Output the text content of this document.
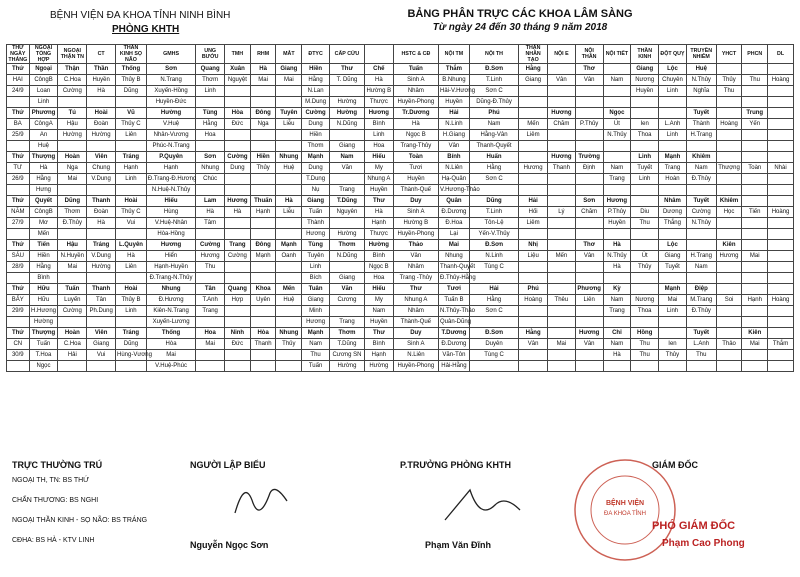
BỆNH VIỆN ĐA KHOA TỈNH NINH BÌNH
PHÒNG KHTH
BẢNG PHÂN TRỰC CÁC KHOA LÂM SÀNG
Từ ngày 24 đến 30 tháng 9 năm 2018
THỨ NGÀY THÁNG	NGOẠI TỔNG HỢP	NGOẠI THẬN TN	CT	THẦN KINH SỌ NÃO	GMHS	UNG BƯỚU	TMH	RHM	MẮT	ĐTYC	CẤP CỨU		HSTC & CĐ	NỘI TM	NỘI TH	THẬN NHÂN TẠO	NỘI E	NỘI THẦN	NỘI TIẾT	THẦN KINH	ĐỘT QUỴ	TRUYỀN NHIỄM	YHCT	PHCN	DL
Thứ	Ngoại	Thận	Thần	Thống	Sơn	Quang	Xuân	Hà	Giang	Hiền	Thư	Chế	Tuấn	Thắm	Đ.Sơn	Hằng		Thơ		Giang	Lộc	Huệ			
HAI	CôngB	C.Hoa	Huyền	Thủy B	N.Trang	Thơm	Nguyệt	Mai	Mai	Hằng	T. Dũng	Hà	Sinh A	B.Nhung	T.Linh	Giang	Vân	Vân	Nam	Nương	Chuyên	N.Thủy	Thủy	Thu	Hoàng
24/9	Loan	Cường	Hà	Dũng	Xuyến-Hồng	Linh				N.Lan		Hường B	Nhâm	Hải-V.Hương	Sơn C					Huyền	Linh	Nghĩa	Thu		
	Linh				Huyền-Đức					M.Dung	Hường	Thược	Huyền-Phong	Huyền	Dũng-Đ.Thủy										
Thứ	Phương	Tú	Hoài	Vũ	Hường	Tùng	Hòa	Đông	Tuyên	Cường	Hường	Hương	Tr.Dương	Hải	Phú		Hương		Ngọc			Tuyết		Trung	
BA	CôngA	Hậu	Đoàn	Thủy C	V.Huệ	Hằng	Đức	Nga	Liễu	Dung	N.Dũng	Bình	Hà	N.Linh	Nam	Mến	Chăm	P.Thủy	Út	Ien	L.Anh	Thành	Hoàng	Yến	
25/9	An	Hường	Hường	Liên	Nhân-Vương	Hoa				Hiền		Linh	Ngọc B	H.Giang	Hằng-Vân	Liêm			N.Thủy	Thoa	Linh	H.Trang			
	Huệ				Phúc-N.Trang					Thơm	Giang	Hoa	Trang-Thủy	Vân	Thanh-Quyết										
Thứ	Thượng	Hoàn	Viên	Tráng	P.Quyên	Sơn	Cường	Hiền	Nhung	Mạnh	Nam	Hiếu	Toàn	Bính	Huấn		Hương	Trường		Linh	Mạnh	Khiêm			
TƯ	Hà	Nga	Chung	Hạnh	Hạnh	Nhung	Dung	Thủy	Huệ	Dung	Văn	My	Tươi	N.Liên	Hằng	Hương	Thanh	Định	Nam	Tuyết	Trang	Nam	Thượng	Toàn	Nhài
26/9	Hằng	Mai	V.Dung	Linh	Đ.Trang-Đ.Hương	Chúc				T.Dung		Nhung A	Huyền	Hạ-Quân	Sơn C				Trang	Linh	Hoàn	Đ.Thủy			
	Hưng				N.Huệ-N.Thủy					Nụ	Trang	Huyền	Thành-Quế	V.Hương-Thảo											
Thứ	Quyết	Dũng	Thanh	Hoài	Hiếu	Lam	Hương	Thuấn	Hà	Giang	T.Dũng	Thư	Duy	Quân	Dũng	Hải		Sơn	Hương		Nhâm	Tuyết	Khiêm		
NĂM	CôngB	Thơm	Đoàn	Thủy C	Hùng	Hà	Hà	Hạnh	Liễu	Tuấn	Nguyên	Hà	Sinh A	Đ.Dương	T.Linh	Hối	Lý	Chăm	P.Thủy	Diu	Dương	Cường	Học	Tiến	Hoàng
27/9	Mơ	Đ.Thủy	Hà	Vui	V.Huệ-Nhân	Tâm				Thành		Hạnh	Hường B	Đ.Hoa	Tôn-Lệ	Liêm			Huyền	Thu	Thắng	N.Thủy			
	Mến				Hòa-Hồng					Hương	Hường	Thược	Huyền-Phong	Lại	Yến-V.Thủy										
Thứ	Tiến	Hậu	Tráng	L.Quyên	Hương	Cường	Trang	Đông	Mạnh	Tùng	Thơm	Hường	Thảo	Mai	Đ.Sơn	Nhị		Thơ	Hà		Lộc		Kiên		
SÁU	Hiền	N.Huyền	V.Dung	Hà	Hiển	Hương	Cường	Mạnh	Oanh	Tuyên	N.Dũng	Bình	Vân	Nhung	N.Linh	Liệu	Mến	Vân	N.Thủy	Út	Giang	H.Trang	Hương	Mai	
28/9	Hằng	Mai	Hường	Liên	Hạnh-Huyền	Thu				Linh		Ngọc B	Nhâm	Thanh-Quyết	Tùng C				Hà	Thủy	Tuyết	Nam			
	Bình				Đ.Trang-N.Thủy					Bích	Giang	Hoa	Trang -Thủy	Đ.Thủy-Hằng											
Thứ	Hữu	Tuấn	Thanh	Hoài	Nhung	Tân	Quang	Khoa	Mến	Tuân	Văn	Hiếu	Thư	Tươi	Hải	Phú		Phương	Kỳ		Mạnh	Điệp			
BẢY	Hữu	Luyến	Tân	Thủy B	Đ.Hương	T.Anh	Hợp	Uyên	Huệ	Giang	Cương	My	Nhung A	Tuấn B	Hằng	Hoàng	Thêu	Liên	Nam	Nương	Mai	M.Trang	Soi	Hạnh	Hoàng
29/9	H.Hương	Cường	Ph.Dung	Linh	Kiên-N.Trang	Trang				Minh		Nam	Nhâm	N.Thủy-Thảo	Sơn C				Trang	Thoa	Linh	Đ.Thủy			
	Hường				Xuyến-Lương					Hương	Trang	Huyền	Thành-Quế	Quân-Dũng											
Thứ	Thượng	Hoàn	Viên	Tráng	Thống	Hoa	Ninh	Hòa	Nhung	Mạnh	Thơm	Thư	Duy	T.Dương	Đ.Sơn	Hằng		Hương	Chỉ	Hồng		Tuyết		Kiên	
CN	Tuấn	C.Hoa	Giang	Dũng	Hòa	Mai	Đức	Thanh	Thủy	Nam	T.Dũng	Bình	Sinh A	Đ.Dương	Duyên	Vân	Mai	Vân	Nam	Thu	Ien	L.Anh	Thảo	Mai	Thắm
30/9	T.Hoa	Hải	Vui	Hùng-Vương	Mai					Thu	Cương SN	Hạnh	N.Liên	Văn-Tôn	Tùng C				Hà	Thu	Thủy	Thu			
	Ngọc				V.Huệ-Phúc					Tuấn	Hường	Hường	Huyền-Phong	Hải-Hằng											
TRỰC THƯỜNG TRÚ
NGOẠI TH, TN: BS THỨ
CHẤN THƯƠNG: BS NGHI
NGOẠI THẦN KINH - SỌ NÃO: BS TRÁNG
CĐHA: BS HÀ - KTV LINH
NGƯỜI LẬP BIỂU
Nguyễn Ngọc Sơn
P.TRƯỞNG PHÒNG KHTH
Phạm Văn Đĩnh
BỆNH VIỆN
ĐA KHOA TỈNH
GIÁM ĐỐC
PHÓ GIÁM ĐỐC
Phạm Cao Phong
